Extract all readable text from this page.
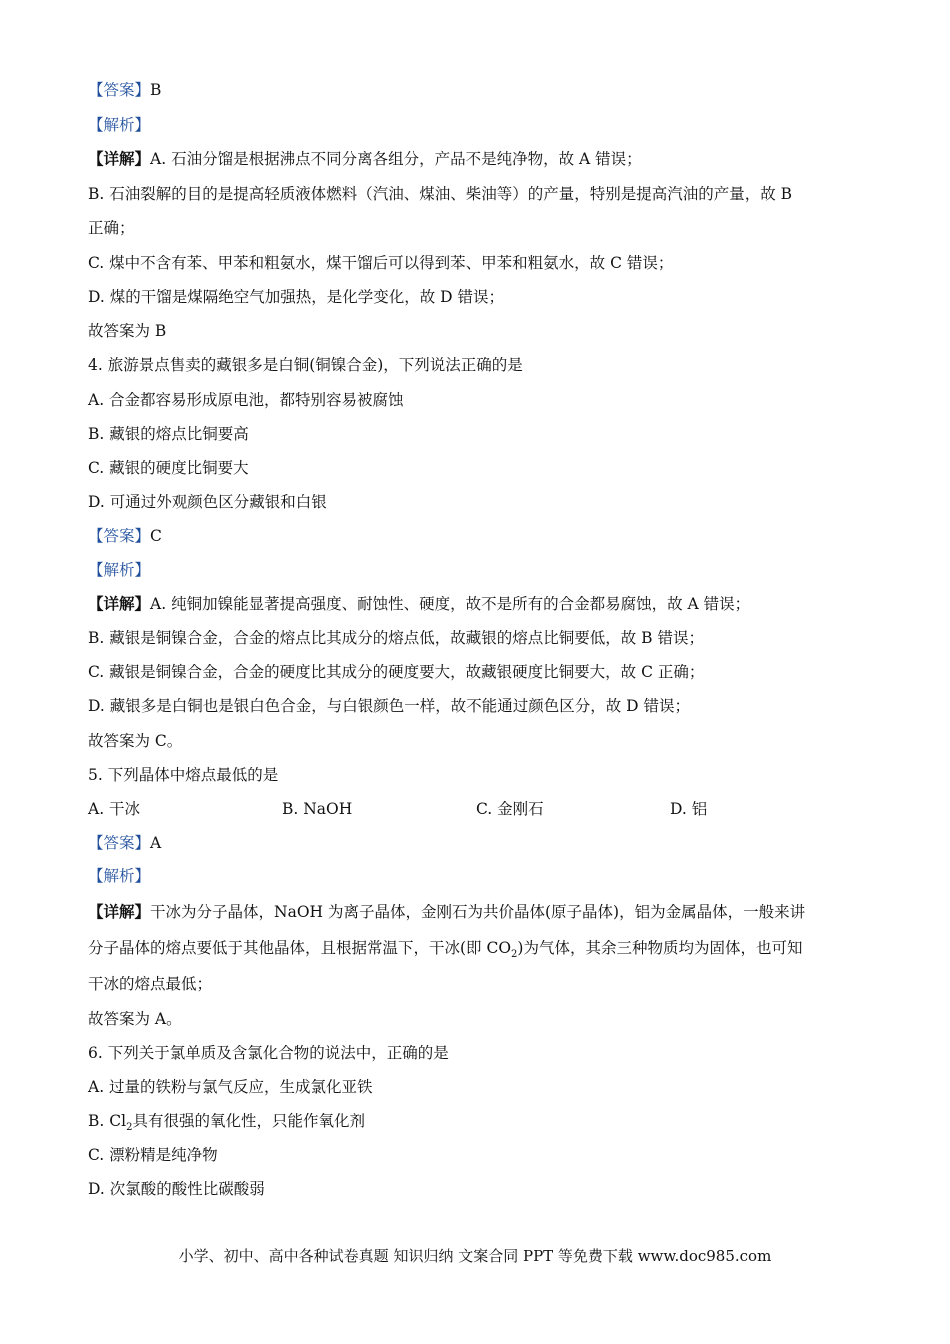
【答案】B
【解析】
【详解】A. 石油分馏是根据沸点不同分离各组分，产品不是纯净物，故 A 错误；
B. 石油裂解的目的是提高轻质液体燃料（汽油、煤油、柴油等）的产量，特别是提高汽油的产量，故 B
正确；
C. 煤中不含有苯、甲苯和粗氨水，煤干馏后可以得到苯、甲苯和粗氨水，故 C 错误；
D. 煤的干馏是煤隔绝空气加强热，是化学变化，故 D 错误；
故答案为 B
4. 旅游景点售卖的藏银多是白铜(铜镍合金)，下列说法正确的是
A. 合金都容易形成原电池，都特别容易被腐蚀
B. 藏银的熔点比铜要高
C. 藏银的硬度比铜要大
D. 可通过外观颜色区分藏银和白银
【答案】C
【解析】
【详解】A. 纯铜加镍能显著提高强度、耐蚀性、硬度，故不是所有的合金都易腐蚀，故 A 错误；
B. 藏银是铜镍合金，合金的熔点比其成分的熔点低，故藏银的熔点比铜要低，故 B 错误；
C. 藏银是铜镍合金，合金的硬度比其成分的硬度要大，故藏银硬度比铜要大，故 C 正确；
D. 藏银多是白铜也是银白色合金，与白银颜色一样，故不能通过颜色区分，故 D 错误；
故答案为 C。
5. 下列晶体中熔点最低的是
A. 干冰	B. NaOH	C. 金刚石	D. 铝
【答案】A
【解析】
【详解】干冰为分子晶体，NaOH 为离子晶体，金刚石为共价晶体(原子晶体)，铝为金属晶体，一般来讲
分子晶体的熔点要低于其他晶体，且根据常温下，干冰(即 $CO_2$)为气体，其余三种物质均为固体，也可知
干冰的熔点最低；
故答案为 A。
6. 下列关于氯单质及含氯化合物的说法中，正确的是
A. 过量的铁粉与氯气反应，生成氯化亚铁
B. $Cl_2$具有很强的氧化性，只能作氧化剂
C. 漂粉精是纯净物
D. 次氯酸的酸性比碳酸弱
小学、初中、高中各种试卷真题 知识归纳 文案合同 PPT 等免费下载 www.doc985.com
